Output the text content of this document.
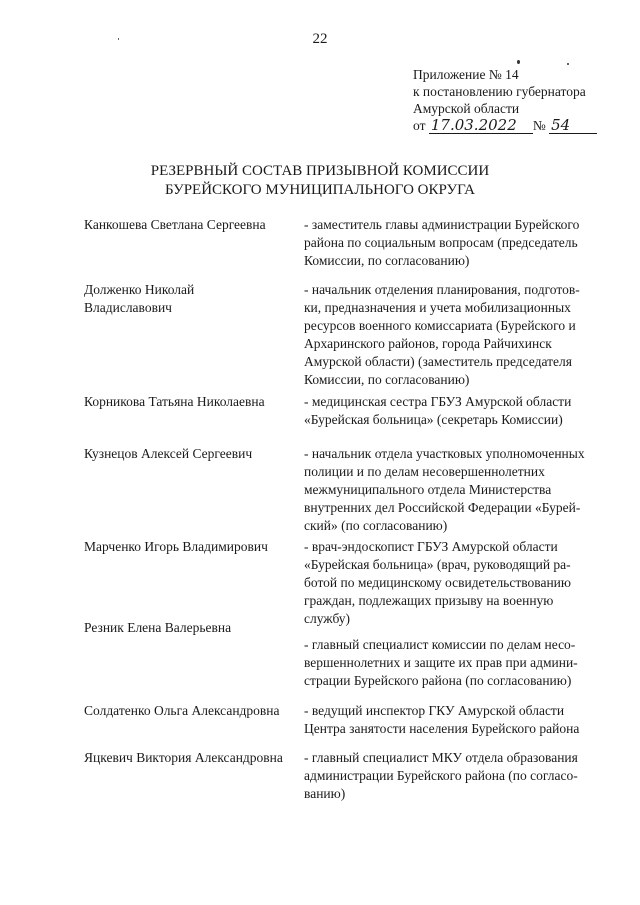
22
Приложение № 14
к постановлению губернатора
Амурской области
от 17.03.2022 № 54
РЕЗЕРВНЫЙ СОСТАВ ПРИЗЫВНОЙ КОМИССИИ
БУРЕЙСКОГО МУНИЦИПАЛЬНОГО ОКРУГА
Канкошева Светлана Сергеевна	- заместитель главы администрации Бурейского
района по социальным вопросам (председатель
Комиссии, по согласованию)
Долженко Николай
Владиславович
- начальник отделения планирования, подготов-
ки, предназначения и учета мобилизационных
ресурсов военного комиссариата (Бурейского и
Архаринского районов, города Райчихинск
Амурской области) (заместитель председателя
Комиссии, по согласованию)
Корникова Татьяна Николаевна	- медицинская сестра ГБУЗ Амурской области
«Бурейская больница» (секретарь Комиссии)
Кузнецов Алексей Сергеевич	- начальник отдела участковых уполномоченных
полиции и по делам несовершеннолетних
межмуниципального отдела Министерства
внутренних дел Российской Федерации «Бурей-
ский» (по согласованию)
Марченко Игорь Владимирович	- врач-эндоскопист ГБУЗ Амурской области
«Бурейская больница» (врач, руководящий ра-
ботой по медицинскому освидетельствованию
граждан, подлежащих призыву на военную
службу)
Резник Елена Валерьевна
- главный специалист комиссии по делам несо-
вершеннолетних и защите их прав при админи-
страции Бурейского района (по согласованию)
Солдатенко Ольга Александровна	- ведущий инспектор ГКУ Амурской области
Центра занятости населения Бурейского района
Яцкевич Виктория Александровна	- главный специалист МКУ отдела образования
администрации Бурейского района (по согласо-
ванию)
